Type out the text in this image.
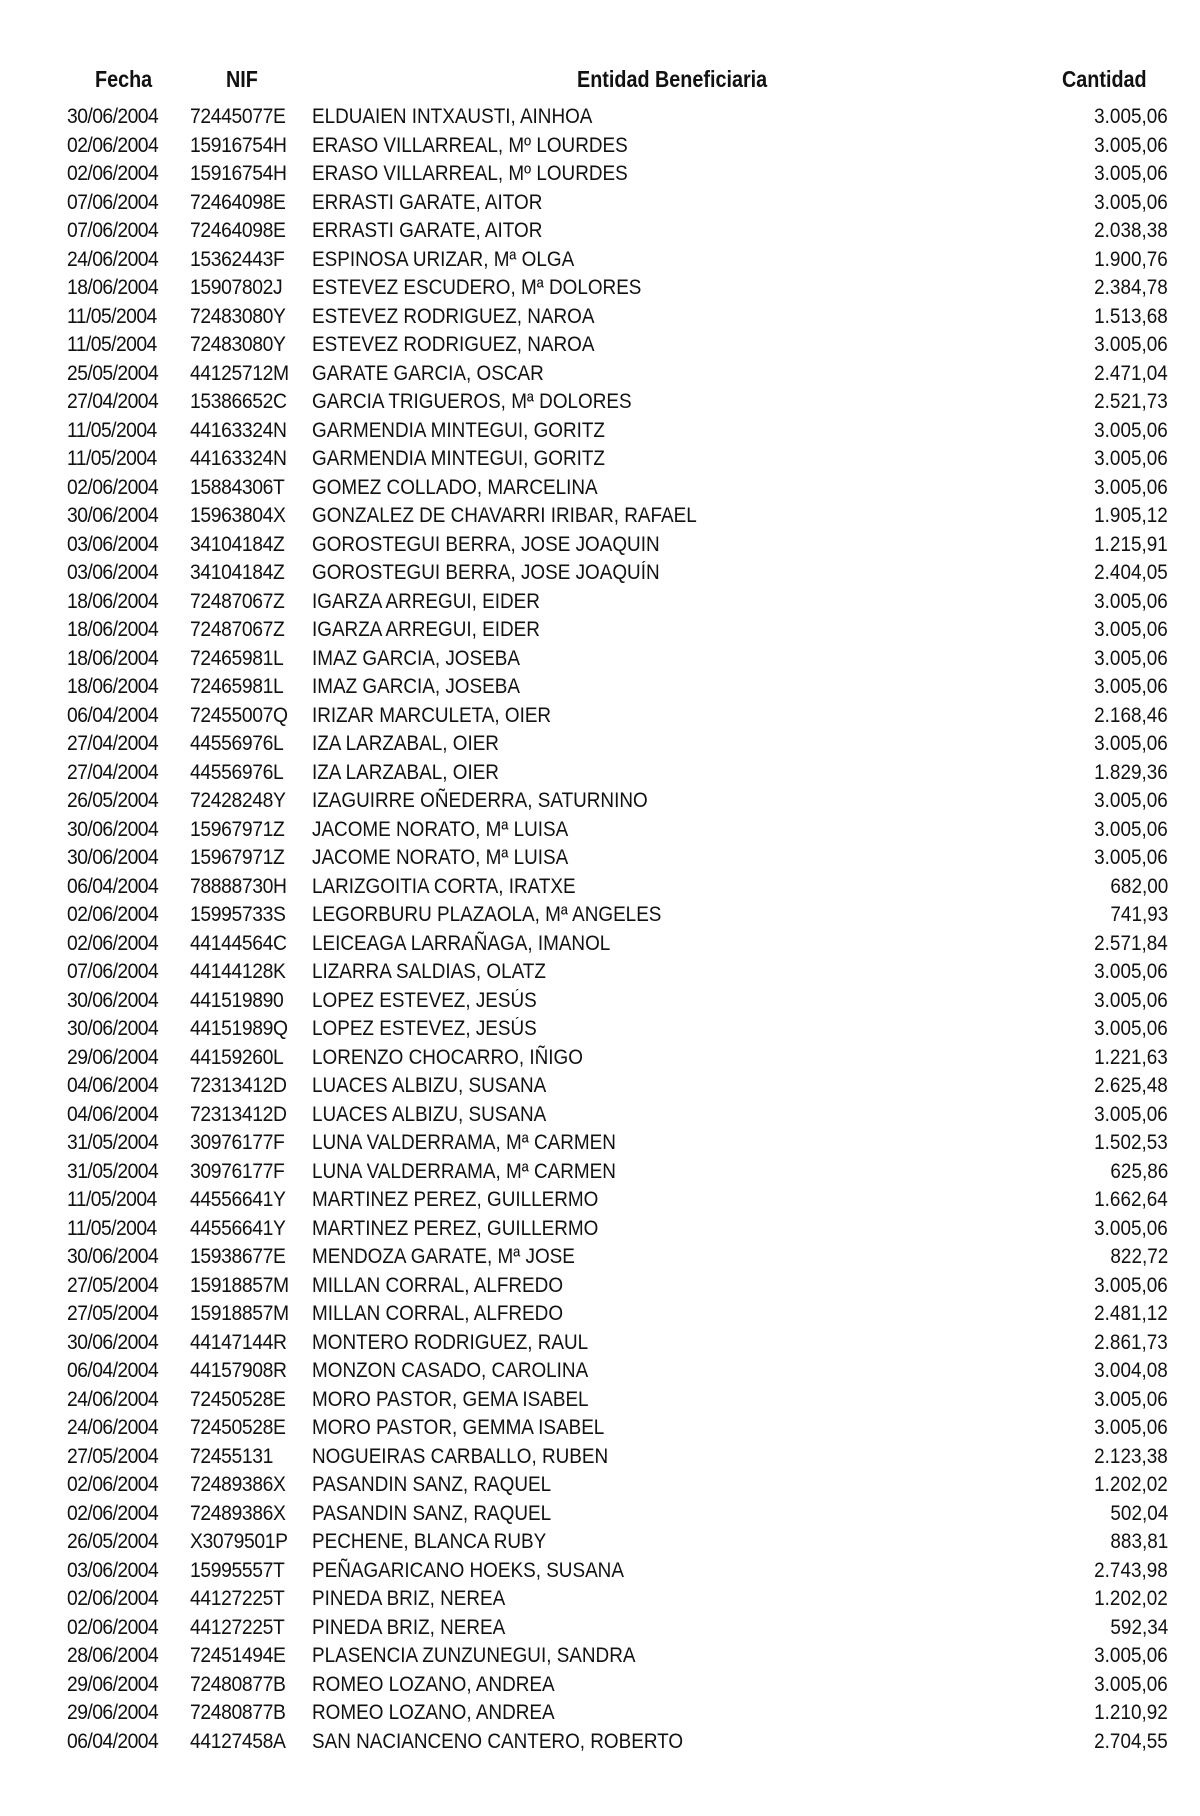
Fecha	NIF	Entidad Beneficiaria	Cantidad
30/06/2004 72445077E ELDUAIEN INTXAUSTI, AINHOA	3.005,06
02/06/2004 15916754H ERASO VILLARREAL, Mº LOURDES	3.005,06
02/06/2004 15916754H ERASO VILLARREAL, Mº LOURDES	3.005,06
07/06/2004 72464098E ERRASTI GARATE, AITOR	3.005,06
07/06/2004 72464098E ERRASTI GARATE, AITOR	2.038,38
24/06/2004 15362443F ESPINOSA URIZAR, Mª OLGA	1.900,76
18/06/2004 15907802J ESTEVEZ ESCUDERO, Mª DOLORES	2.384,78
11/05/2004 72483080Y ESTEVEZ RODRIGUEZ, NAROA	1.513,68
11/05/2004 72483080Y ESTEVEZ RODRIGUEZ, NAROA	3.005,06
25/05/2004 44125712M GARATE GARCIA, OSCAR	2.471,04
27/04/2004 15386652C GARCIA TRIGUEROS, Mª DOLORES	2.521,73
11/05/2004 44163324N GARMENDIA MINTEGUI, GORITZ	3.005,06
11/05/2004 44163324N GARMENDIA MINTEGUI, GORITZ	3.005,06
02/06/2004 15884306T GOMEZ COLLADO, MARCELINA	3.005,06
30/06/2004 15963804X GONZALEZ DE CHAVARRI IRIBAR, RAFAEL	1.905,12
03/06/2004 34104184Z GOROSTEGUI BERRA, JOSE JOAQUIN	1.215,91
03/06/2004 34104184Z GOROSTEGUI BERRA, JOSE JOAQUÍN	2.404,05
18/06/2004 72487067Z IGARZA ARREGUI, EIDER	3.005,06
18/06/2004 72487067Z IGARZA ARREGUI, EIDER	3.005,06
18/06/2004 72465981L IMAZ GARCIA, JOSEBA	3.005,06
18/06/2004 72465981L IMAZ GARCIA, JOSEBA	3.005,06
06/04/2004 72455007Q IRIZAR MARCULETA, OIER	2.168,46
27/04/2004 44556976L IZA LARZABAL, OIER	3.005,06
27/04/2004 44556976L IZA LARZABAL, OIER	1.829,36
26/05/2004 72428248Y IZAGUIRRE OÑEDERRA, SATURNINO	3.005,06
30/06/2004 15967971Z JACOME NORATO, Mª LUISA	3.005,06
30/06/2004 15967971Z JACOME NORATO, Mª LUISA	3.005,06
06/04/2004 78888730H LARIZGOITIA CORTA, IRATXE	682,00
02/06/2004 15995733S LEGORBURU PLAZAOLA, Mª ANGELES	741,93
02/06/2004 44144564C LEICEAGA LARRAÑAGA, IMANOL	2.571,84
07/06/2004 44144128K LIZARRA SALDIAS, OLATZ	3.005,06
30/06/2004 441519890 LOPEZ ESTEVEZ, JESÚS	3.005,06
30/06/2004 44151989Q LOPEZ ESTEVEZ, JESÚS	3.005,06
29/06/2004 44159260L LORENZO CHOCARRO, IÑIGO	1.221,63
04/06/2004 72313412D LUACES ALBIZU, SUSANA	2.625,48
04/06/2004 72313412D LUACES ALBIZU, SUSANA	3.005,06
31/05/2004 30976177F LUNA VALDERRAMA, Mª CARMEN	1.502,53
31/05/2004 30976177F LUNA VALDERRAMA, Mª CARMEN	625,86
11/05/2004 44556641Y MARTINEZ PEREZ, GUILLERMO	1.662,64
11/05/2004 44556641Y MARTINEZ PEREZ, GUILLERMO	3.005,06
30/06/2004 15938677E MENDOZA GARATE, Mª JOSE	822,72
27/05/2004 15918857M MILLAN CORRAL, ALFREDO	3.005,06
27/05/2004 15918857M MILLAN CORRAL, ALFREDO	2.481,12
30/06/2004 44147144R MONTERO RODRIGUEZ, RAUL	2.861,73
06/04/2004 44157908R MONZON CASADO, CAROLINA	3.004,08
24/06/2004 72450528E MORO PASTOR, GEMA ISABEL	3.005,06
24/06/2004 72450528E MORO PASTOR, GEMMA ISABEL	3.005,06
27/05/2004 72455131 NOGUEIRAS CARBALLO, RUBEN	2.123,38
02/06/2004 72489386X PASANDIN SANZ, RAQUEL	1.202,02
02/06/2004 72489386X PASANDIN SANZ, RAQUEL	502,04
26/05/2004 X3079501P PECHENE, BLANCA RUBY	883,81
03/06/2004 15995557T PEÑAGARICANO HOEKS, SUSANA	2.743,98
02/06/2004 44127225T PINEDA BRIZ, NEREA	1.202,02
02/06/2004 44127225T PINEDA BRIZ, NEREA	592,34
28/06/2004 72451494E PLASENCIA ZUNZUNEGUI, SANDRA	3.005,06
29/06/2004 72480877B ROMEO LOZANO, ANDREA	3.005,06
29/06/2004 72480877B ROMEO LOZANO, ANDREA	1.210,92
06/04/2004 44127458A SAN NACIANCENO CANTERO, ROBERTO	2.704,55
